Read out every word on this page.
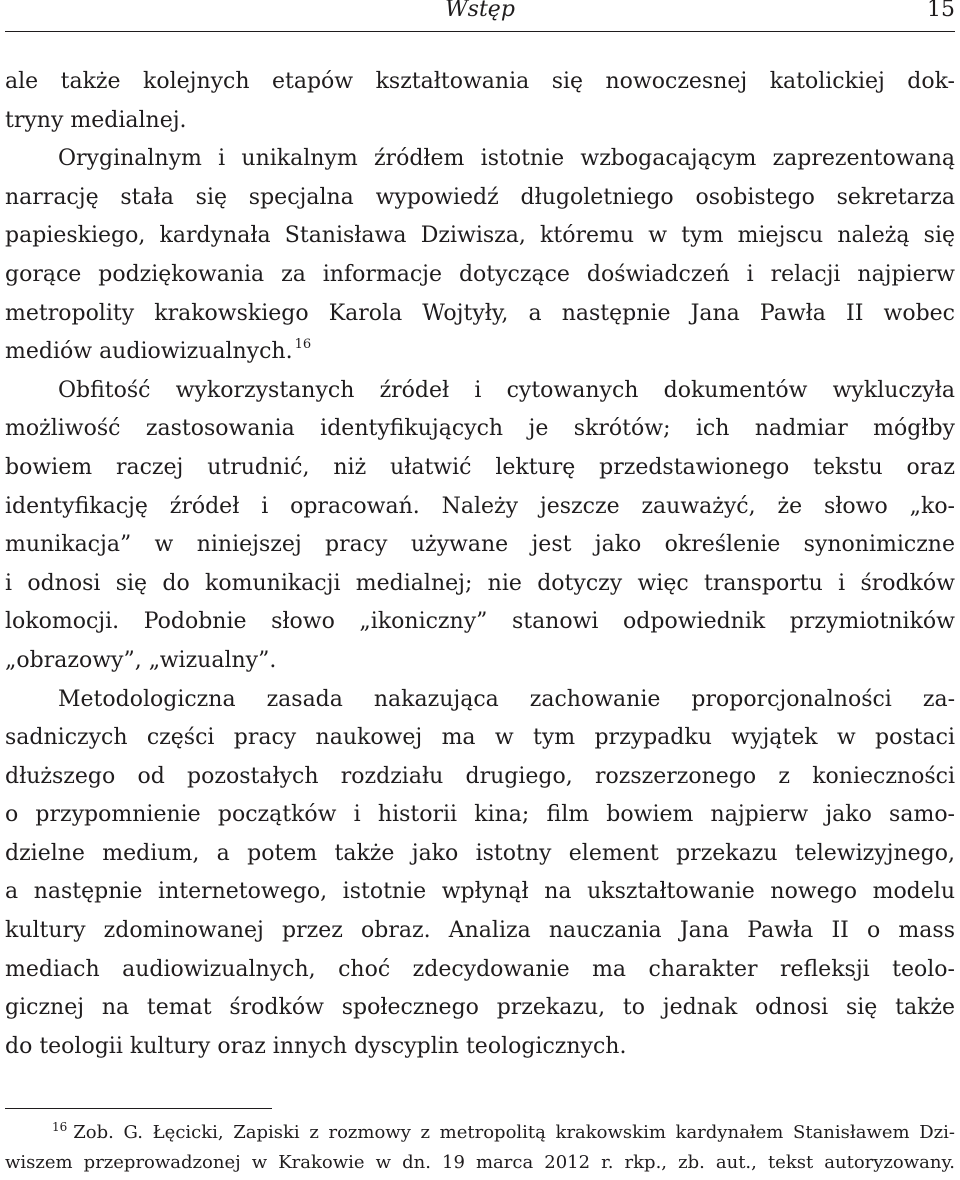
Wstęp	15
ale także kolejnych etapów kształtowania się nowoczesnej katolickiej dok-
tryny medialnej.
Oryginalnym i unikalnym źródłem istotnie wzbogacającym zaprezentowaną
narrację stała się specjalna wypowiedź długoletniego osobistego sekretarza
papieskiego, kardynała Stanisława Dziwisza, któremu w tym miejscu należą się
gorące podziękowania za informacje dotyczące doświadczeń i relacji najpierw
metropolity krakowskiego Karola Wojtyły, a następnie Jana Pawła II wobec
mediów audiowizualnych. $^{16}$
Obfitość wykorzystanych źródeł i cytowanych dokumentów wykluczyła
możliwość zastosowania identyfikujących je skrótów; ich nadmiar mógłby
bowiem raczej utrudnić, niż ułatwić lekturę przedstawionego tekstu oraz
identyfikację źródeł i opracowań. Należy jeszcze zauważyć, że słowo „ko-
munikacja” w niniejszej pracy używane jest jako określenie synonimiczne
i odnosi się do komunikacji medialnej; nie dotyczy więc transportu i środków
lokomocji. Podobnie słowo „ikoniczny” stanowi odpowiednik przymiotników
„obrazowy”, „wizualny”.
Metodologiczna zasada nakazująca zachowanie proporcjonalności za-
sadniczych części pracy naukowej ma w tym przypadku wyjątek w postaci
dłuższego od pozostałych rozdziału drugiego, rozszerzonego z konieczności
o przypomnienie początków i historii kina; film bowiem najpierw jako samo-
dzielne medium, a potem także jako istotny element przekazu telewizyjnego,
a następnie internetowego, istotnie wpłynął na ukształtowanie nowego modelu
kultury zdominowanej przez obraz. Analiza nauczania Jana Pawła II o mass
mediach audiowizualnych, choć zdecydowanie ma charakter refleksji teolo-
gicznej na temat środków społecznego przekazu, to jednak odnosi się także
do teologii kultury oraz innych dyscyplin teologicznych.
$^{16}$ Zob. G. Łęcicki, Zapiski z rozmowy z metropolitą krakowskim kardynałem Stanisławem Dzi-
wiszem przeprowadzonej w Krakowie w dn. 19 marca 2012 r. rkp., zb. aut., tekst autoryzowany.
